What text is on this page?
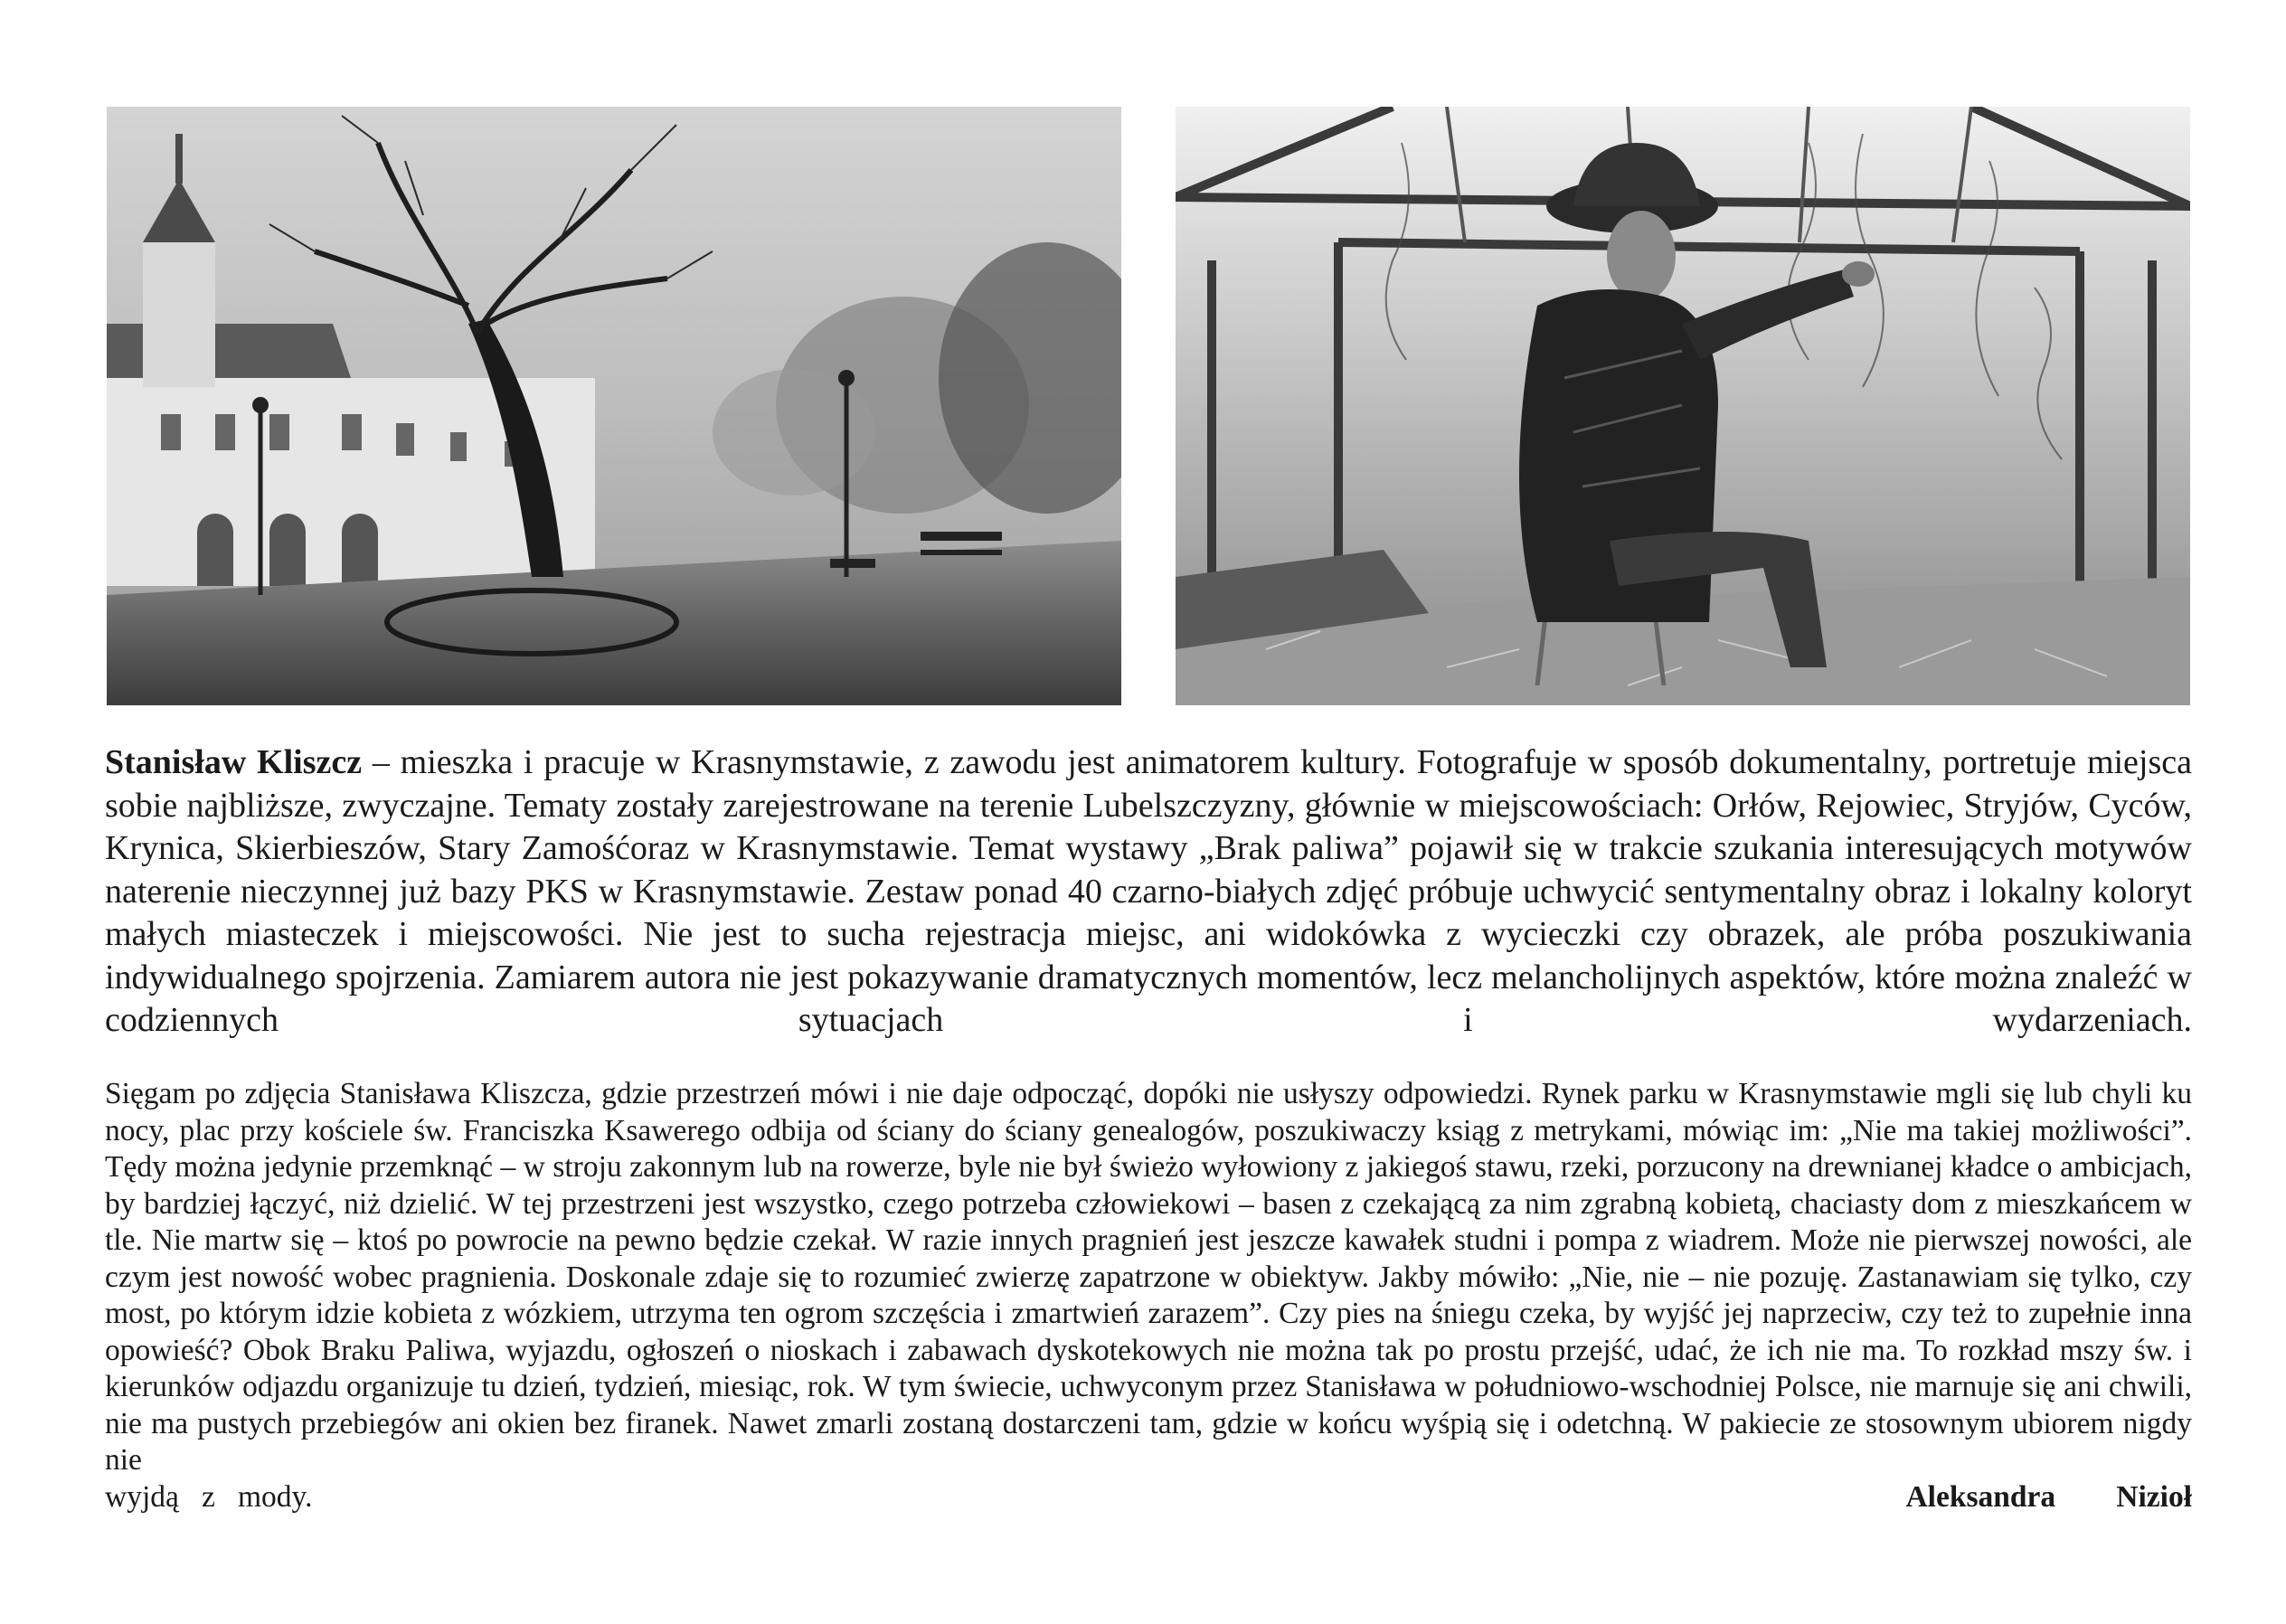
Stanisław Kliszcz – mieszka i pracuje w Krasnymstawie, z zawodu jest animatorem kultury. Fotografuje w sposób dokumentalny, portretuje miejsca sobie najbliższe, zwyczajne. Tematy zostały zarejestrowane na terenie Lubelszczyzny, głównie w miejscowościach: Orłów, Rejowiec, Stryjów, Cyców, Krynica, Skierbieszów, Stary Zamośćoraz w Krasnymstawie. Temat wystawy „Brak paliwa” pojawił się w trakcie szukania interesujących motywów naterenie nieczynnej już bazy PKS w Krasnymstawie. Zestaw ponad 40 czarno-białych zdjęć próbuje uchwycić sentymentalny obraz i lokalny koloryt małych miasteczek i miejscowości. Nie jest to sucha rejestracja miejsc, ani widokówka z wycieczki czy obrazek, ale próba poszukiwania indywidualnego spojrzenia. Zamiarem autora nie jest pokazywanie dramatycznych momentów, lecz melancholijnych aspektów, które można znaleźć w codziennych sytuacjach i wydarzeniach.

Sięgam po zdjęcia Stanisława Kliszcza, gdzie przestrzeń mówi i nie daje odpocząć, dopóki nie usłyszy odpowiedzi. Rynek parku w Krasnymstawie mgli się lub chyli ku nocy, plac przy kościele św. Franciszka Ksawerego odbija od ściany do ściany genealogów, poszukiwaczy ksiąg z metrykami, mówiąc im: „Nie ma takiej możliwości”. Tędy można jedynie przemknąć – w stroju zakonnym lub na rowerze, byle nie był świeżo wyłowiony z jakiegoś stawu, rzeki, porzucony na drewnianej kładce o ambicjach, by bardziej łączyć, niż dzielić. W tej przestrzeni jest wszystko, czego potrzeba człowiekowi – basen z czekającą za nim zgrabną kobietą, chaciasty dom z mieszkańcem w tle. Nie martw się – ktoś po powrocie na pewno będzie czekał. W razie innych pragnień jest jeszcze kawałek studni i pompa z wiadrem. Może nie pierwszej nowości, ale czym jest nowość wobec pragnienia. Doskonale zdaje się to rozumieć zwierzę zapatrzone w obiektyw. Jakby mówiło: „Nie, nie – nie pozuję. Zastanawiam się tylko, czy most, po którym idzie kobieta z wózkiem, utrzyma ten ogrom szczęścia i zmartwień zarazem”. Czy pies na śniegu czeka, by wyjść jej naprzeciw, czy też to zupełnie inna opowieść? Obok Braku Paliwa, wyjazdu, ogłoszeń o nioskach i zabawach dyskotekowych nie można tak po prostu przejść, udać, że ich nie ma. To rozkład mszy św. i kierunków odjazdu organizuje tu dzień, tydzień, miesiąc, rok. W tym świecie, uchwyconym przez Stanisława w południowo-wschodniej Polsce, nie marnuje się ani chwili, nie ma pustych przebiegów ani okien bez firanek. Nawet zmarli zostaną dostarczeni tam, gdzie w końcu wyśpią się i odetchną. W pakiecie ze stosownym ubiorem nigdy nie
wyjdą   z   mody.	Aleksandra   Nizioł
